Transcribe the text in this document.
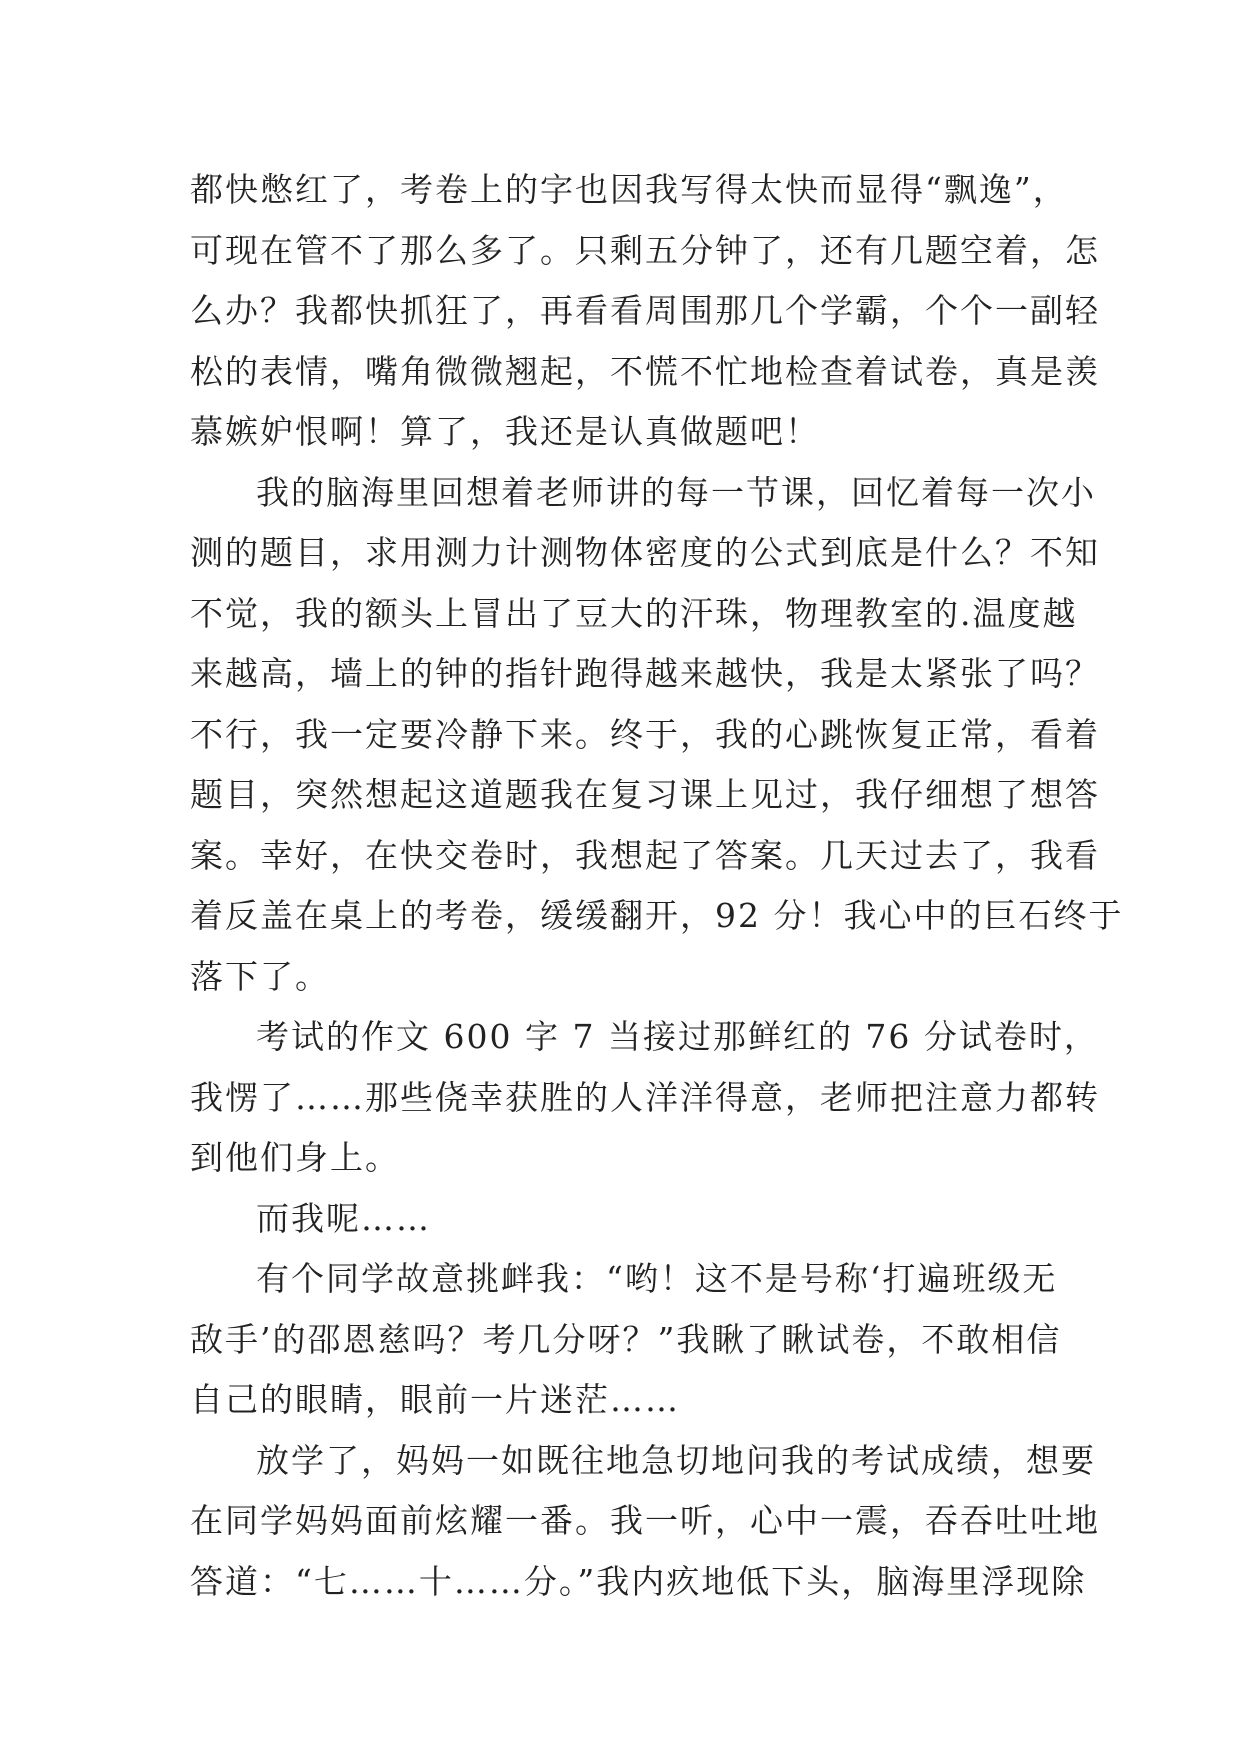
都快憋红了，考卷上的字也因我写得太快而显得“飘逸”，
可现在管不了那么多了。只剩五分钟了，还有几题空着，怎
么办？我都快抓狂了，再看看周围那几个学霸，个个一副轻
松的表情，嘴角微微翘起，不慌不忙地检查着试卷，真是羡
慕嫉妒恨啊！算了，我还是认真做题吧！
我的脑海里回想着老师讲的每一节课，回忆着每一次小
测的题目，求用测力计测物体密度的公式到底是什么？不知
不觉，我的额头上冒出了豆大的汗珠，物理教室的.温度越
来越高，墙上的钟的指针跑得越来越快，我是太紧张了吗？
不行，我一定要冷静下来。终于，我的心跳恢复正常，看着
题目，突然想起这道题我在复习课上见过，我仔细想了想答
案。幸好，在快交卷时，我想起了答案。几天过去了，我看
着反盖在桌上的考卷，缓缓翻开，92 分！我心中的巨石终于
落下了。
考试的作文 600 字 7 当接过那鲜红的 76 分试卷时，
我愣了……那些侥幸获胜的人洋洋得意，老师把注意力都转
到他们身上。
而我呢……
有个同学故意挑衅我：“哟！这不是号称‘打遍班级无
敌手’的邵恩慈吗？考几分呀？”我瞅了瞅试卷，不敢相信
自己的眼睛，眼前一片迷茫……
放学了，妈妈一如既往地急切地问我的考试成绩，想要
在同学妈妈面前炫耀一番。我一听，心中一震，吞吞吐吐地
答道：“七……十……分。”我内疚地低下头，脑海里浮现除
